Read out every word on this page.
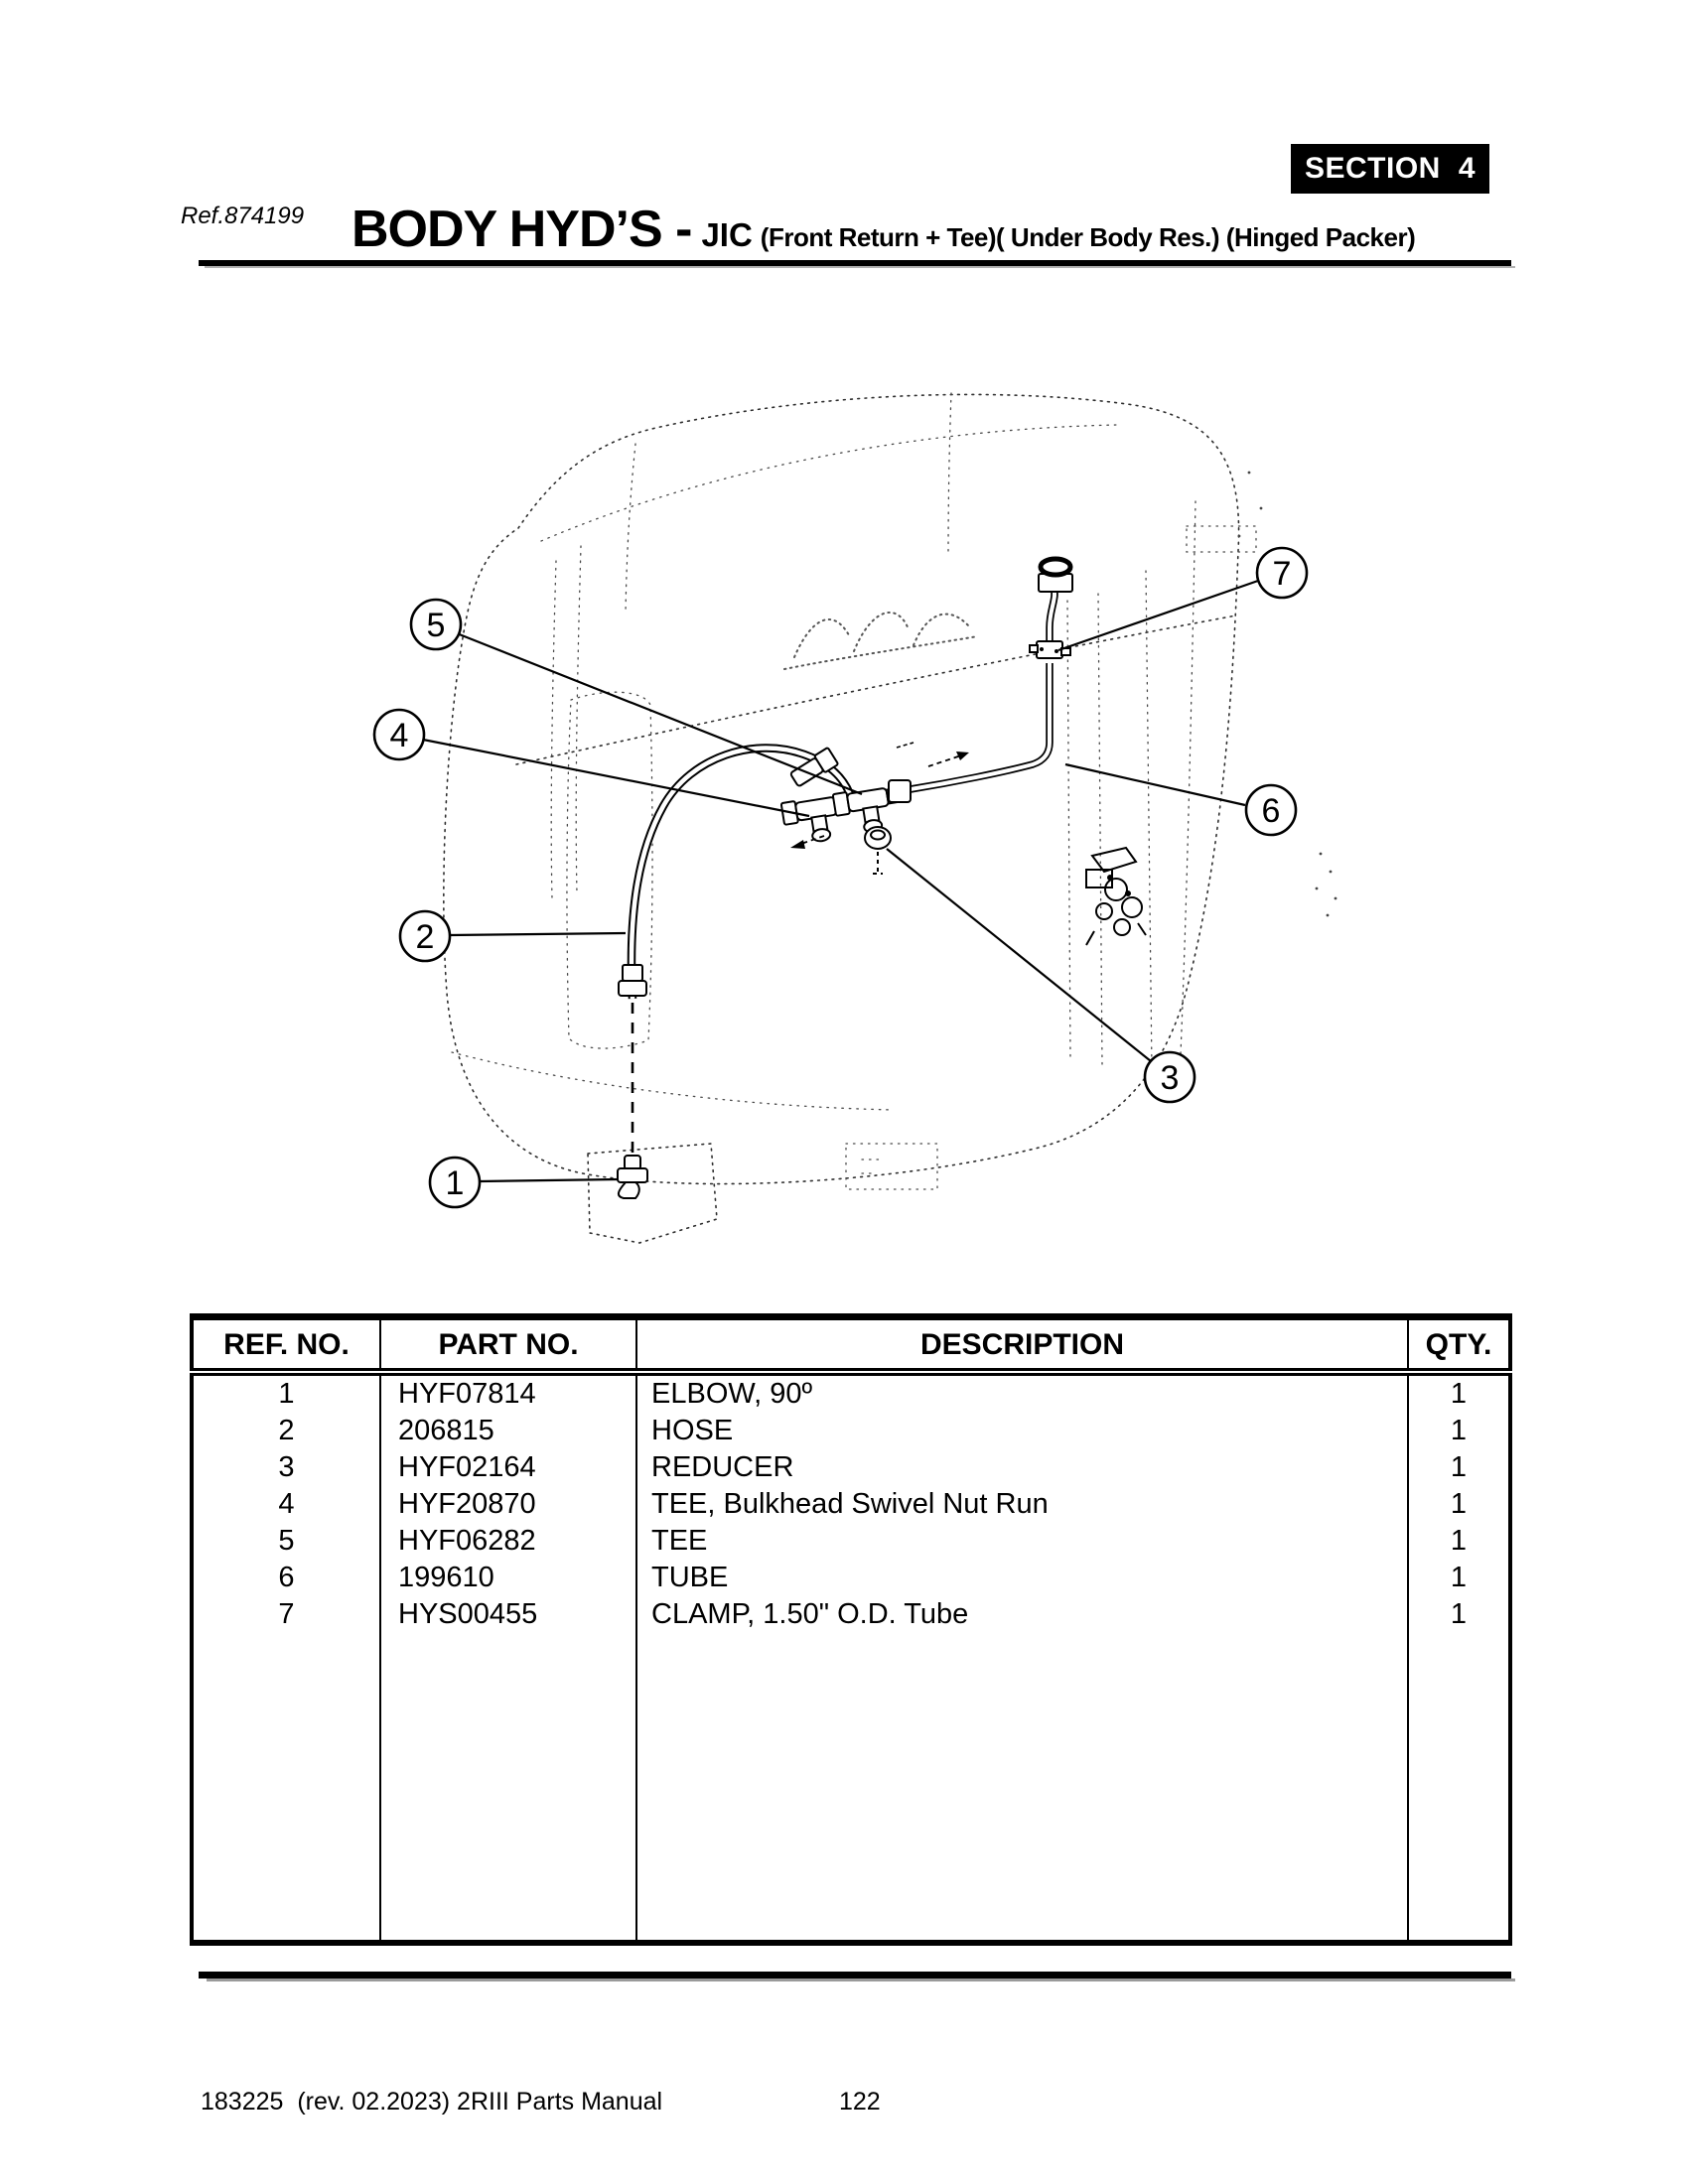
SECTION 4
Ref.874199 BODY HYD’S - JIC (Front Return + Tee)( Under Body Res.) (Hinged Packer)
1
2
3
4
5
6
7
REF. NO.	PART NO.	DESCRIPTION	QTY.
1	HYF07814	ELBOW, 90º	1
2	206815	HOSE	1
3	HYF02164	REDUCER	1
4	HYF20870	TEE, Bulkhead Swivel Nut Run	1
5	HYF06282	TEE	1
6	199610	TUBE	1
7	HYS00455	CLAMP, 1.50" O.D. Tube	1

183225  (rev. 02.2023) 2RIII Parts Manual	122
